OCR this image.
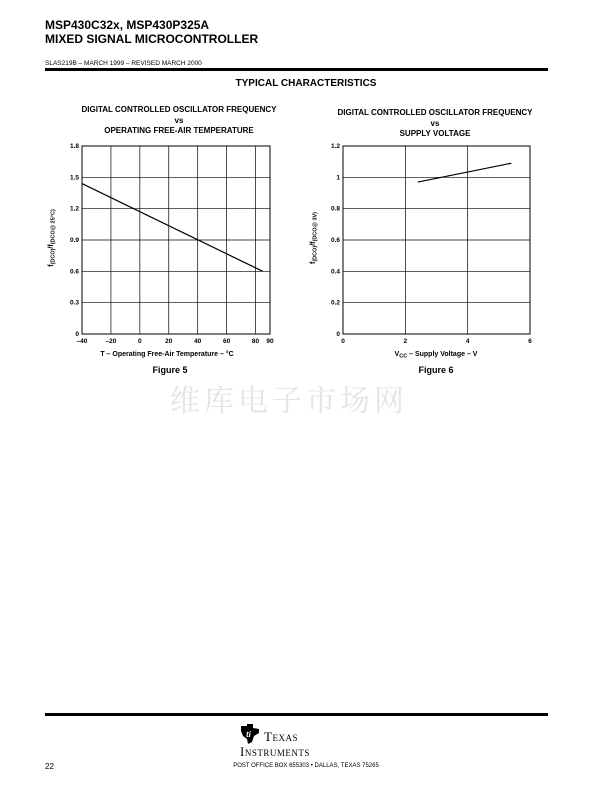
MSP430C32x, MSP430P325A
MIXED SIGNAL MICROCONTROLLER
SLAS219B – MARCH 1999 – REVISED MARCH 2000
TYPICAL CHARACTERISTICS
DIGITAL CONTROLLED OSCILLATOR FREQUENCY
vs
OPERATING FREE-AIR TEMPERATURE
DIGITAL CONTROLLED OSCILLATOR FREQUENCY
vs
SUPPLY VOLTAGE
$f_{(DCO)}/f_{(DCO@ 25^\circ C)}$
T – Operating Free-Air Temperature – °C
–40	–20	0	20	40	60	80 90
0
0.3
0.6
0.9
1.2
1.5
1.8
$f_{(DCO)}/f_{(DCO@ 3V)}$
$V_{CC}$ – Supply Voltage – V
0	2	4	6
0
0.2
0.4
0.6
0.8
1
1.2
Figure 5	Figure 6
维库电子市场网
ti Texas
Instruments
POST OFFICE BOX 655303 • DALLAS, TEXAS 75265
22
